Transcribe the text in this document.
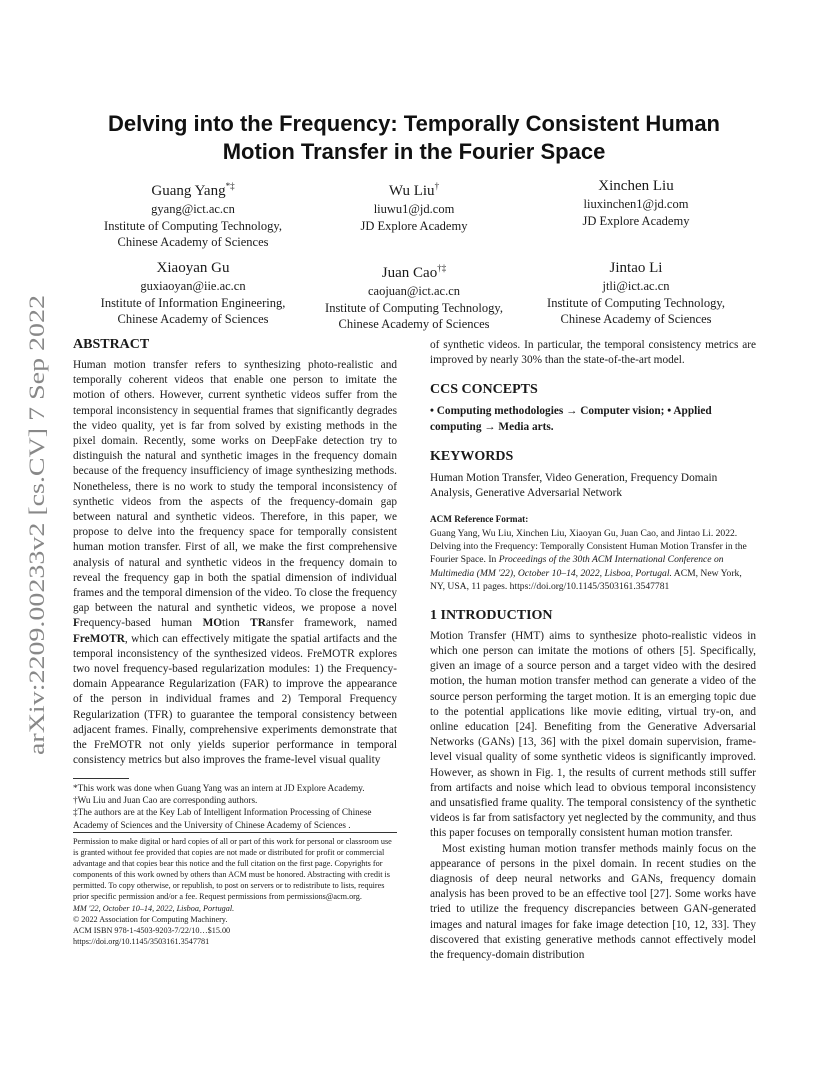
arXiv:2209.00233v2 [cs.CV] 7 Sep 2022
Delving into the Frequency: Temporally Consistent Human
Motion Transfer in the Fourier Space
Guang Yang*‡
gyang@ict.ac.cn
Institute of Computing Technology,
Chinese Academy of Sciences
Wu Liu†
liuwu1@jd.com
JD Explore Academy
Xinchen Liu
liuxinchen1@jd.com
JD Explore Academy
Xiaoyan Gu
guxiaoyan@iie.ac.cn
Institute of Information Engineering,
Chinese Academy of Sciences
Juan Cao†‡
caojuan@ict.ac.cn
Institute of Computing Technology,
Chinese Academy of Sciences
Jintao Li
jtli@ict.ac.cn
Institute of Computing Technology,
Chinese Academy of Sciences
ABSTRACT

Human motion transfer refers to synthesizing photo-realistic and temporally coherent videos that enable one person to imitate the motion of others. However, current synthetic videos suffer from the temporal inconsistency in sequential frames that significantly degrades the video quality, yet is far from solved by existing methods in the pixel domain. Recently, some works on DeepFake detection try to distinguish the natural and synthetic images in the frequency domain because of the frequency insufficiency of image synthesizing methods. Nonetheless, there is no work to study the temporal inconsistency of synthetic videos from the aspects of the frequency-domain gap between natural and synthetic videos. Therefore, in this paper, we propose to delve into the frequency space for temporally consistent human motion transfer. First of all, we make the first comprehensive analysis of natural and synthetic videos in the frequency domain to reveal the frequency gap in both the spatial dimension of individual frames and the temporal dimension of the video. To close the frequency gap between the natural and synthetic videos, we propose a novel Frequency-based human MOtion TRansfer framework, named FreMOTR, which can effectively mitigate the spatial artifacts and the temporal inconsistency of the synthesized videos. FreMOTR explores two novel frequency-based regularization modules: 1) the Frequency-domain Appearance Regularization (FAR) to improve the appearance of the person in individual frames and 2) Temporal Frequency Regularization (TFR) to guarantee the temporal consistency between adjacent frames. Finally, comprehensive experiments demonstrate that the FreMOTR not only yields superior performance in temporal consistency metrics but also improves the frame-level visual quality

*This work was done when Guang Yang was an intern at JD Explore Academy.
†Wu Liu and Juan Cao are corresponding authors.
‡The authors are at the Key Lab of Intelligent Information Processing of Chinese Academy of Sciences and the University of Chinese Academy of Sciences .
Permission to make digital or hard copies of all or part of this work for personal or classroom use is granted without fee provided that copies are not made or distributed for profit or commercial advantage and that copies bear this notice and the full citation on the first page. Copyrights for components of this work owned by others than ACM must be honored. Abstracting with credit is permitted. To copy otherwise, or republish, to post on servers or to redistribute to lists, requires prior specific permission and/or a fee. Request permissions from permissions@acm.org.
MM '22, October 10–14, 2022, Lisboa, Portugal.
© 2022 Association for Computing Machinery.
ACM ISBN 978-1-4503-9203-7/22/10…$15.00
https://doi.org/10.1145/3503161.3547781

of synthetic videos. In particular, the temporal consistency metrics are improved by nearly 30% than the state-of-the-art model.

CCS CONCEPTS

• Computing methodologies → Computer vision; • Applied computing → Media arts.

KEYWORDS

Human Motion Transfer, Video Generation, Frequency Domain Analysis, Generative Adversarial Network

ACM Reference Format:

Guang Yang, Wu Liu, Xinchen Liu, Xiaoyan Gu, Juan Cao, and Jintao Li. 2022. Delving into the Frequency: Temporally Consistent Human Motion Transfer in the Fourier Space. In Proceedings of the 30th ACM International Conference on Multimedia (MM '22), October 10–14, 2022, Lisboa, Portugal. ACM, New York, NY, USA, 11 pages. https://doi.org/10.1145/3503161.3547781

1 INTRODUCTION

Motion Transfer (HMT) aims to synthesize photo-realistic videos in which one person can imitate the motions of others [5]. Specifically, given an image of a source person and a target video with the desired motion, the human motion transfer method can generate a video of the source person performing the target motion. It is an emerging topic due to the potential applications like movie editing, virtual try-on, and online education [24]. Benefiting from the Generative Adversarial Networks (GANs) [13, 36] with the pixel domain supervision, frame-level visual quality of some synthetic videos is significantly improved. However, as shown in Fig. 1, the results of current methods still suffer from artifacts and noise which lead to obvious temporal inconsistency and unsatisfied frame quality. The temporal consistency of the synthetic videos is far from satisfactory yet neglected by the community, and thus this paper focuses on temporally consistent human motion transfer.

Most existing human motion transfer methods mainly focus on the appearance of persons in the pixel domain. In recent studies on the diagnosis of deep neural networks and GANs, frequency domain analysis has been proved to be an effective tool [27]. Some works have tried to utilize the frequency discrepancies between GAN-generated images and natural images for fake image detection [10, 12, 33]. They discovered that existing generative methods cannot effectively model the frequency-domain distribution
